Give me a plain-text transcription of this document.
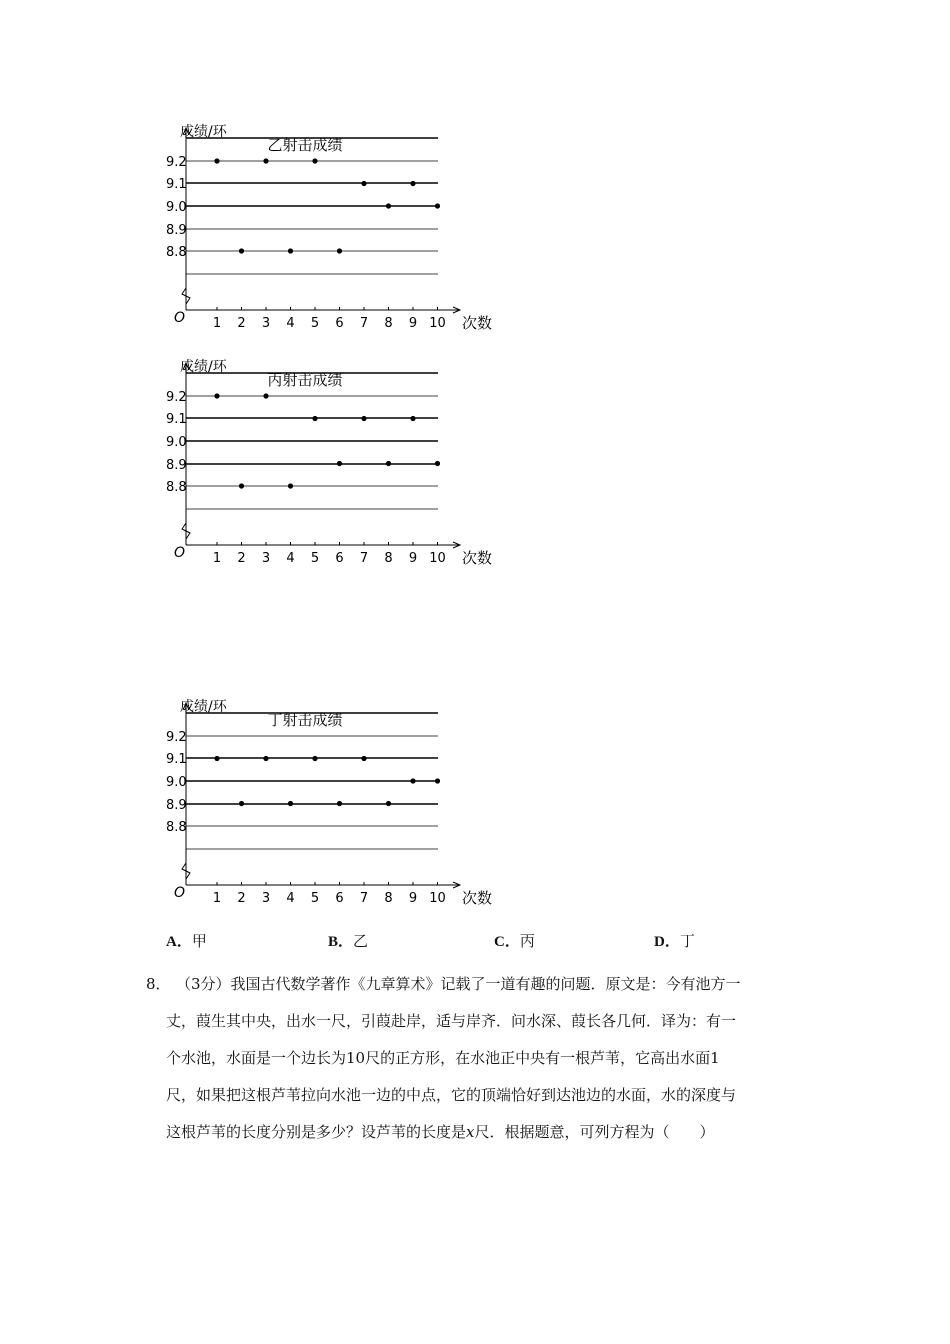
9.2
9.1
9.0
8.9
8.8
1 2 3 4 5 6 7 8 9 10
O
成绩/环
次数
乙射击成绩
9.2
9.1
9.0
8.9
8.8
1 2 3 4 5 6 7 8 9 10
O
成绩/环
次数
丙射击成绩
9.2
9.1
9.0
8.9
8.8
1 2 3 4 5 6 7 8 9 10
O
成绩/环
次数
丁射击成绩
A．甲	B．乙	C．丙	D．丁
8． （3分）我国古代数学著作《九章算术》记载了一道有趣的问题．原文是：今有池方一
丈，葭生其中央，出水一尺，引葭赴岸，适与岸齐．问水深、葭长各几何．译为：有一
个水池，水面是一个边长为10尺的正方形，在水池正中央有一根芦苇，它高出水面1
尺，如果把这根芦苇拉向水池一边的中点，它的顶端恰好到达池边的水面，水的深度与
这根芦苇的长度分别是多少？设芦苇的长度是x尺．根据题意，可列方程为（　　）
